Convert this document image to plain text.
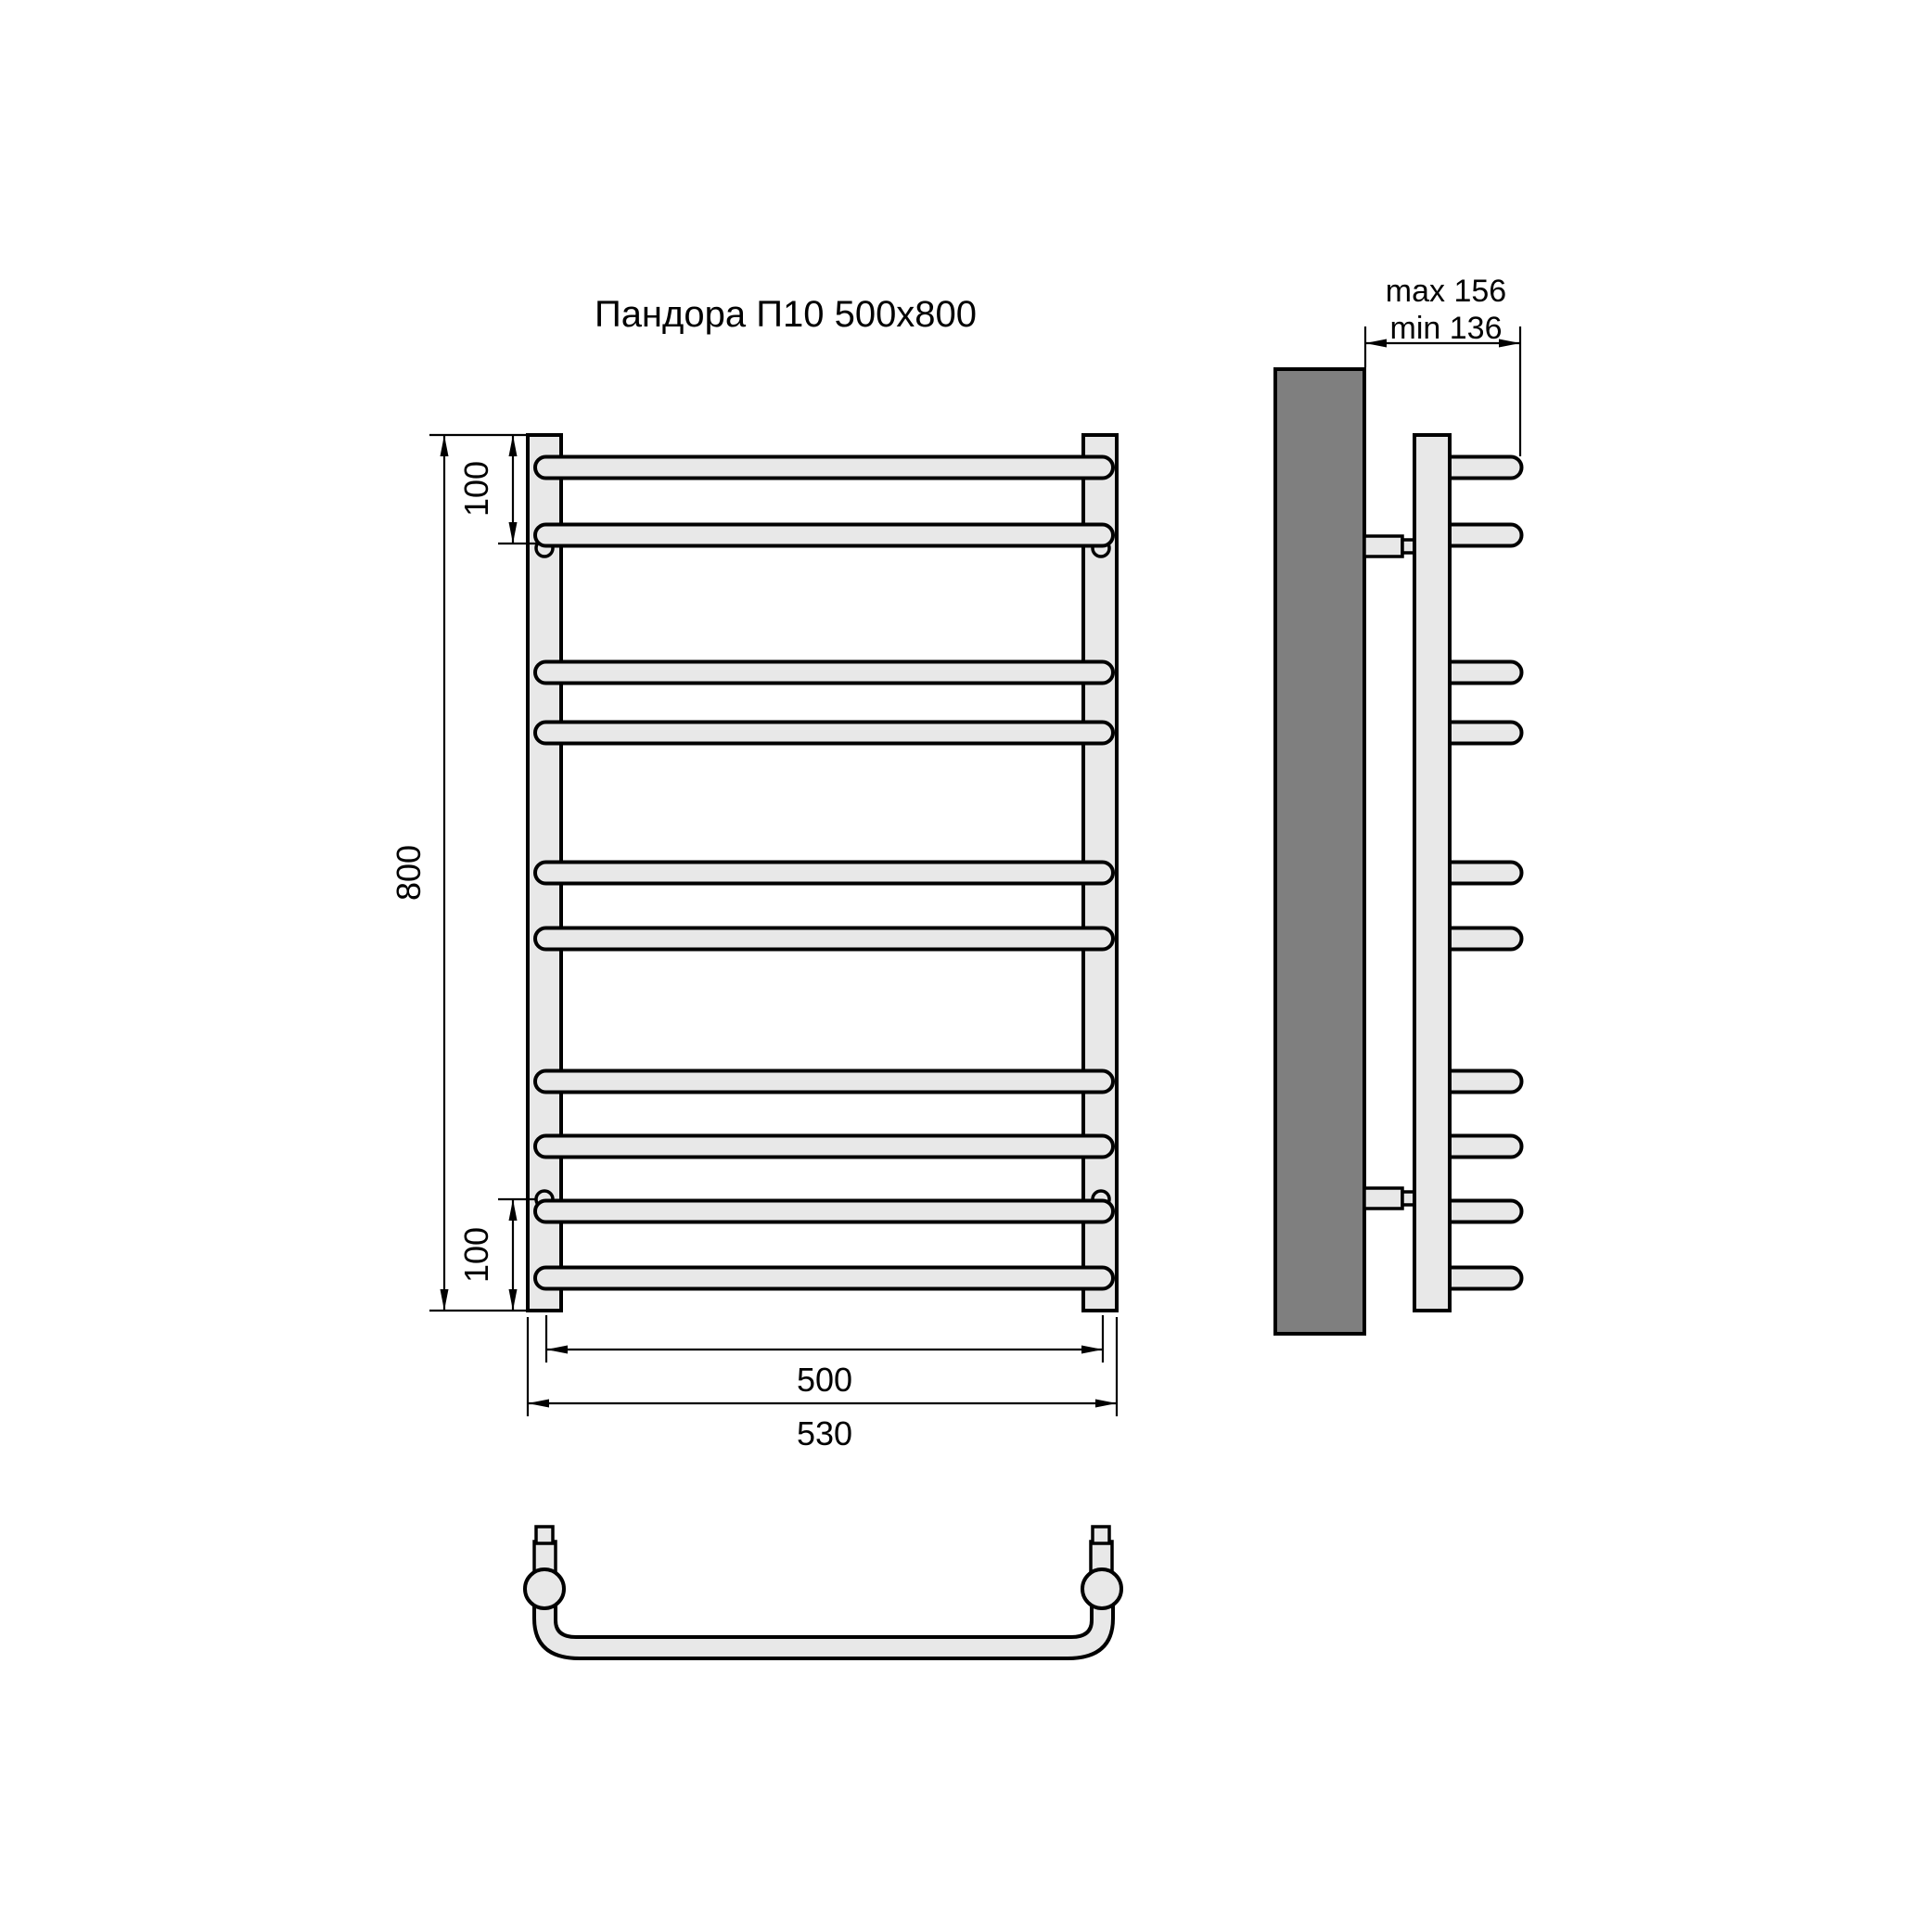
Пандора П10 500x800
800
100
100
500
530
max 156
min 136
